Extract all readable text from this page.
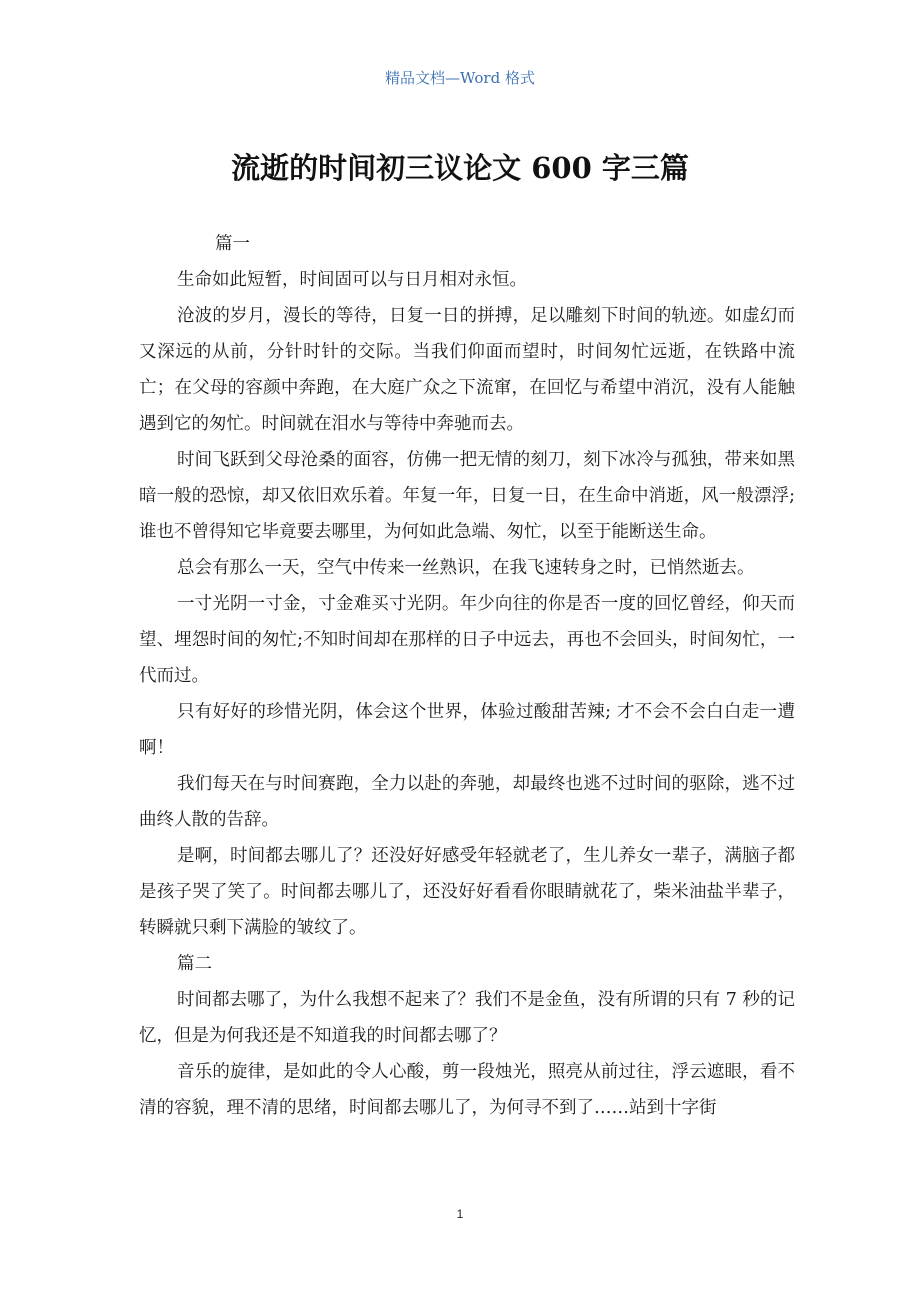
精品文档—Word 格式
流逝的时间初三议论文 600 字三篇

篇一

生命如此短暂，时间固可以与日月相对永恒。

沧波的岁月，漫长的等待，日复一日的拼搏，足以雕刻下时间的轨迹。如虚幻而又深远的从前，分针时针的交际。当我们仰面而望时，时间匆忙远逝，在铁路中流亡；在父母的容颜中奔跑，在大庭广众之下流窜，在回忆与希望中消沉，没有人能触遇到它的匆忙。时间就在泪水与等待中奔驰而去。

时间飞跃到父母沧桑的面容，仿佛一把无情的刻刀，刻下冰冷与孤独，带来如黑暗一般的恐惊，却又依旧欢乐着。年复一年，日复一日，在生命中消逝，风一般漂浮; 谁也不曾得知它毕竟要去哪里，为何如此急端、匆忙，以至于能断送生命。

总会有那么一天，空气中传来一丝熟识，在我飞速转身之时，已悄然逝去。

一寸光阴一寸金，寸金难买寸光阴。年少向往的你是否一度的回忆曾经，仰天而望、埋怨时间的匆忙;不知时间却在那样的日子中远去，再也不会回头，时间匆忙，一代而过。

只有好好的珍惜光阴，体会这个世界，体验过酸甜苦辣; 才不会不会白白走一遭啊！

我们每天在与时间赛跑，全力以赴的奔驰，却最终也逃不过时间的驱除，逃不过曲终人散的告辞。

是啊，时间都去哪儿了？还没好好感受年轻就老了，生儿养女一辈子，满脑子都是孩子哭了笑了。时间都去哪儿了，还没好好看看你眼睛就花了，柴米油盐半辈子，转瞬就只剩下满脸的皱纹了。

篇二

时间都去哪了，为什么我想不起来了？我们不是金鱼，没有所谓的只有 7 秒的记忆，但是为何我还是不知道我的时间都去哪了？

音乐的旋律，是如此的令人心酸，剪一段烛光，照亮从前过往，浮云遮眼，看不清的容貌，理不清的思绪，时间都去哪儿了，为何寻不到了……站到十字街

1
